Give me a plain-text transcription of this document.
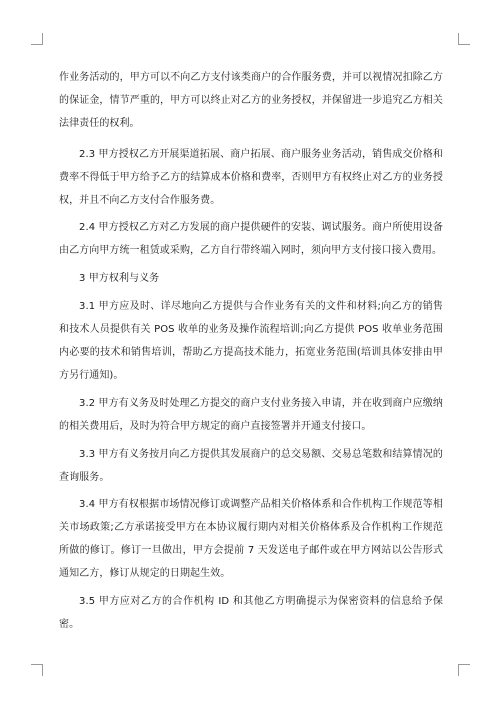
作业务活动的，甲方可以不向乙方支付该类商户的合作服务费，并可以视情况扣除乙方的保证金，情节严重的，甲方可以终止对乙方的业务授权，并保留进一步追究乙方相关法律责任的权利。

2.3 甲方授权乙方开展渠道拓展、商户拓展、商户服务业务活动，销售成交价格和费率不得低于甲方给予乙方的结算成本价格和费率，否则甲方有权终止对乙方的业务授权，并且不向乙方支付合作服务费。

2.4 甲方授权乙方对乙方发展的商户提供硬件的安装、调试服务。商户所使用设备由乙方向甲方统一租赁或采购，乙方自行带终端入网时，须向甲方支付接口接入费用。

3 甲方权利与义务

3.1 甲方应及时、详尽地向乙方提供与合作业务有关的文件和材料;向乙方的销售和技术人员提供有关 POS 收单的业务及操作流程培训;向乙方提供 POS 收单业务范围内必要的技术和销售培训，帮助乙方提高技术能力，拓宽业务范围(培训具体安排由甲方另行通知)。

3.2 甲方有义务及时处理乙方提交的商户支付业务接入申请，并在收到商户应缴纳的相关费用后，及时为符合甲方规定的商户直接签署并开通支付接口。

3.3 甲方有义务按月向乙方提供其发展商户的总交易额、交易总笔数和结算情况的查询服务。

3.4 甲方有权根据市场情况修订或调整产品相关价格体系和合作机构工作规范等相关市场政策;乙方承诺接受甲方在本协议履行期内对相关价格体系及合作机构工作规范所做的修订。修订一旦做出，甲方会提前 7 天发送电子邮件或在甲方网站以公告形式通知乙方，修订从规定的日期起生效。

3.5 甲方应对乙方的合作机构 ID 和其他乙方明确提示为保密资料的信息给予保密。
